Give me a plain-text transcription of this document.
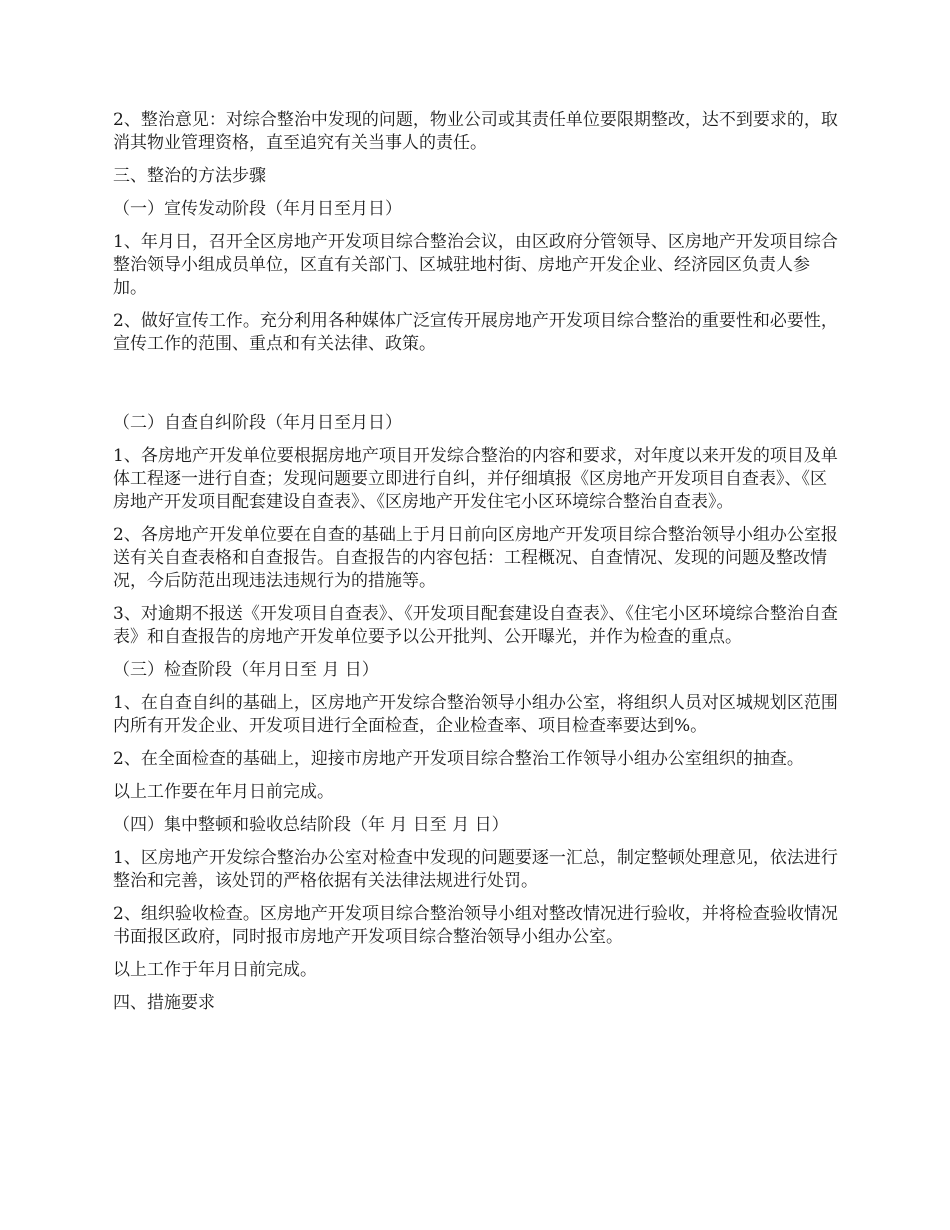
2、整治意见：对综合整治中发现的问题，物业公司或其责任单位要限期整改，达不到要求的，取消其物业管理资格，直至追究有关当事人的责任。

三、整治的方法步骤

（一）宣传发动阶段（年月日至月日）

1、年月日，召开全区房地产开发项目综合整治会议，由区政府分管领导、区房地产开发项目综合整治领导小组成员单位，区直有关部门、区城驻地村街、房地产开发企业、经济园区负责人参加。

2、做好宣传工作。充分利用各种媒体广泛宣传开展房地产开发项目综合整治的重要性和必要性，宣传工作的范围、重点和有关法律、政策。

（二）自查自纠阶段（年月日至月日）

1、各房地产开发单位要根据房地产项目开发综合整治的内容和要求，对年度以来开发的项目及单体工程逐一进行自查；发现问题要立即进行自纠，并仔细填报《区房地产开发项目自查表》、《区房地产开发项目配套建设自查表》、《区房地产开发住宅小区环境综合整治自查表》。

2、各房地产开发单位要在自查的基础上于月日前向区房地产开发项目综合整治领导小组办公室报送有关自查表格和自查报告。自查报告的内容包括：工程概况、自查情况、发现的问题及整改情况，今后防范出现违法违规行为的措施等。

3、对逾期不报送《开发项目自查表》、《开发项目配套建设自查表》、《住宅小区环境综合整治自查表》和自查报告的房地产开发单位要予以公开批判、公开曝光，并作为检查的重点。

（三）检查阶段（年月日至 月 日）

1、在自查自纠的基础上，区房地产开发综合整治领导小组办公室，将组织人员对区城规划区范围内所有开发企业、开发项目进行全面检查，企业检查率、项目检查率要达到%。

2、在全面检查的基础上，迎接市房地产开发项目综合整治工作领导小组办公室组织的抽查。

以上工作要在年月日前完成。

（四）集中整顿和验收总结阶段（年 月 日至 月 日）

1、区房地产开发综合整治办公室对检查中发现的问题要逐一汇总，制定整顿处理意见，依法进行整治和完善，该处罚的严格依据有关法律法规进行处罚。

2、组织验收检查。区房地产开发项目综合整治领导小组对整改情况进行验收，并将检查验收情况书面报区政府，同时报市房地产开发项目综合整治领导小组办公室。

以上工作于年月日前完成。

四、措施要求
